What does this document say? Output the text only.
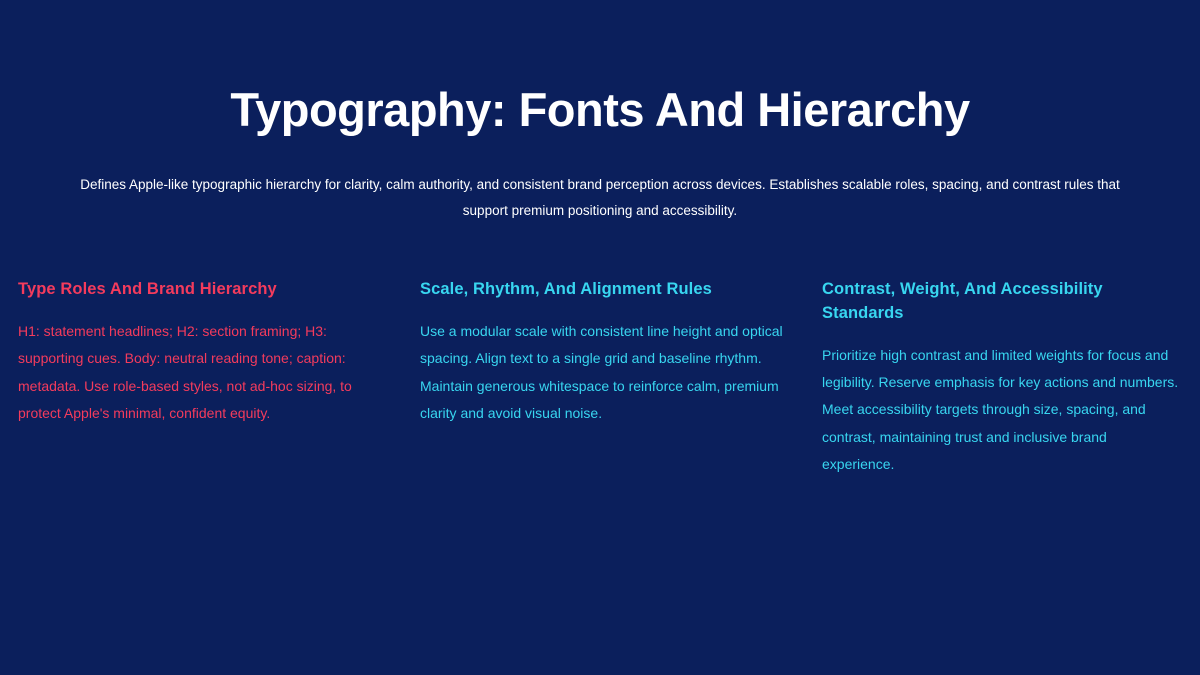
Typography: Fonts And Hierarchy

Defines Apple-like typographic hierarchy for clarity, calm authority, and consistent brand perception across devices. Establishes scalable roles, spacing, and contrast rules that support premium positioning and accessibility.

Type Roles And Brand Hierarchy

H1: statement headlines; H2: section framing; H3: supporting cues. Body: neutral reading tone; caption: metadata. Use role-based styles, not ad-hoc sizing, to protect Apple's minimal, confident equity.

Scale, Rhythm, And Alignment Rules

Use a modular scale with consistent line height and optical spacing. Align text to a single grid and baseline rhythm. Maintain generous whitespace to reinforce calm, premium clarity and avoid visual noise.

Contrast, Weight, And Accessibility Standards

Prioritize high contrast and limited weights for focus and legibility. Reserve emphasis for key actions and numbers. Meet accessibility targets through size, spacing, and contrast, maintaining trust and inclusive brand experience.
